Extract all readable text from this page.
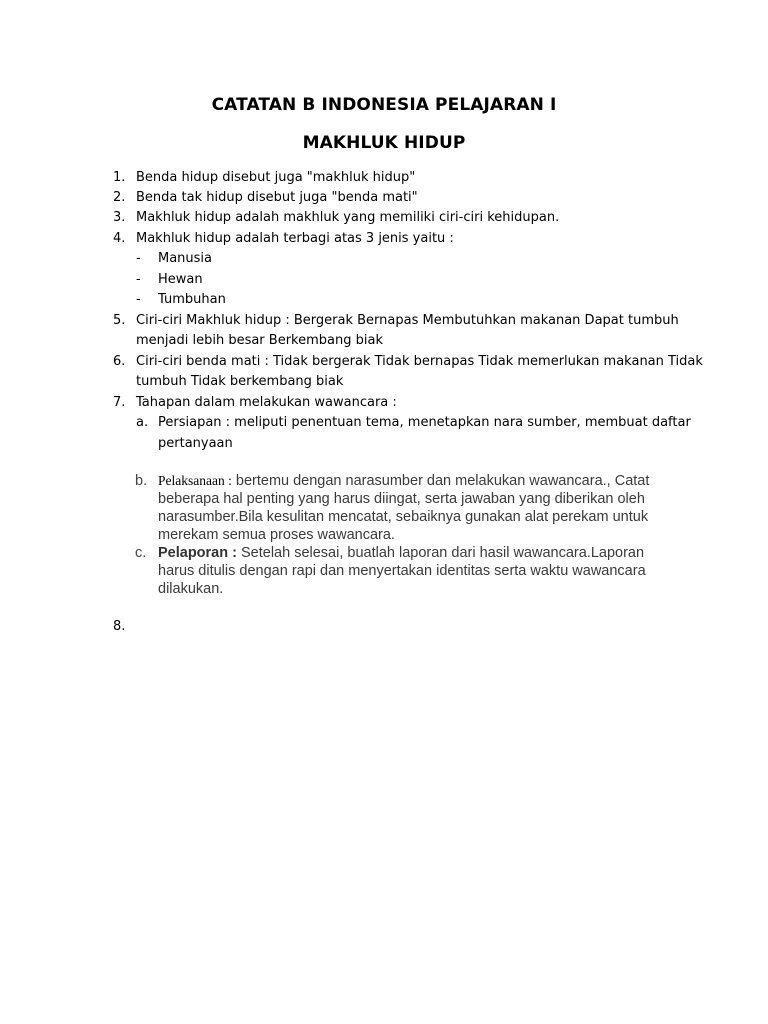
CATATAN B INDONESIA PELAJARAN I
MAKHLUK HIDUP
1. Benda hidup disebut juga "makhluk hidup"
2. Benda tak hidup disebut juga "benda mati"
3. Makhluk hidup adalah makhluk yang memiliki ciri-ciri kehidupan.
4. Makhluk hidup adalah terbagi atas 3 jenis yaitu :
- Manusia
- Hewan
- Tumbuhan
5. Ciri-ciri Makhluk hidup : Bergerak Bernapas Membutuhkan makanan Dapat tumbuh
menjadi lebih besar Berkembang biak
6. Ciri-ciri benda mati : Tidak bergerak Tidak bernapas Tidak memerlukan makanan Tidak
tumbuh Tidak berkembang biak
7. Tahapan dalam melakukan wawancara :
a. Persiapan : meliputi penentuan tema, menetapkan nara sumber, membuat daftar
pertanyaan
b. Pelaksanaan : bertemu dengan narasumber dan melakukan wawancara., Catat
beberapa hal penting yang harus diingat, serta jawaban yang diberikan oleh
narasumber.Bila kesulitan mencatat, sebaiknya gunakan alat perekam untuk
merekam semua proses wawancara.
c. Pelaporan : Setelah selesai, buatlah laporan dari hasil wawancara.Laporan
harus ditulis dengan rapi dan menyertakan identitas serta waktu wawancara
dilakukan.
8.
